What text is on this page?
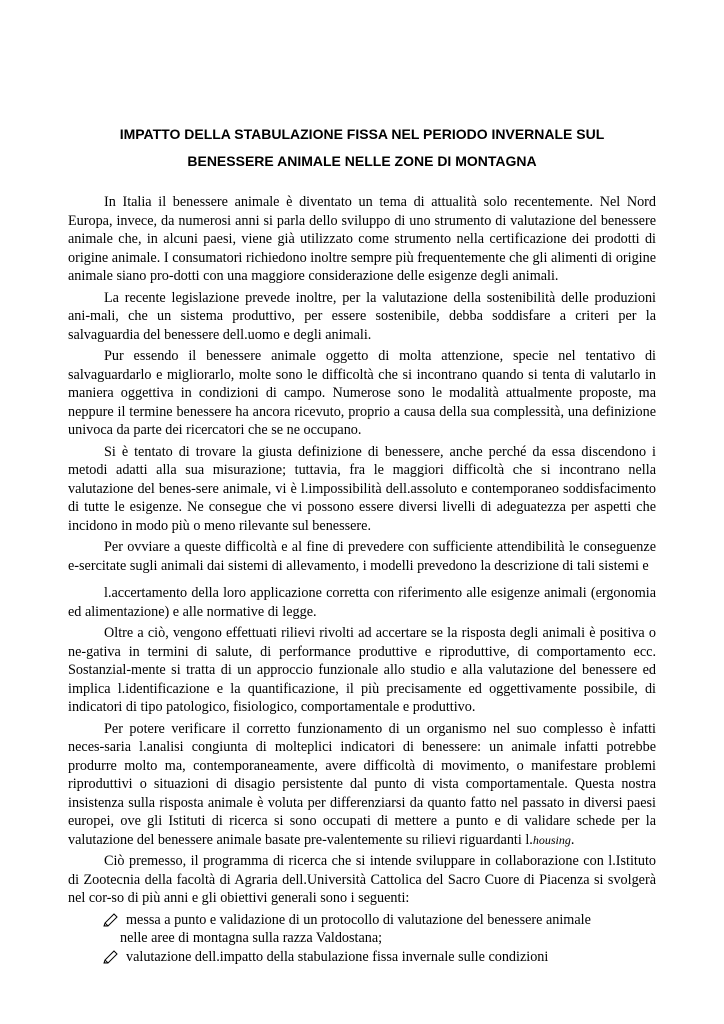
IMPATTO DELLA STABULAZIONE FISSA NEL PERIODO INVERNALE SUL
BENESSERE ANIMALE NELLE ZONE DI MONTAGNA

In Italia il benessere animale è diventato un tema di attualità solo recentemente. Nel Nord Europa, invece, da numerosi anni si parla dello sviluppo di uno strumento di valutazione del benessere animale che, in alcuni paesi, viene già utilizzato come strumento nella certificazione dei prodotti di origine animale. I consumatori richiedono inoltre sempre più frequentemente che gli alimenti di origine animale siano pro-dotti con una maggiore considerazione delle esigenze degli animali.

La recente legislazione prevede inoltre, per la valutazione della sostenibilità delle produzioni ani-mali, che un sistema produttivo, per essere sostenibile, debba soddisfare a criteri per la salvaguardia del benessere dell.uomo e degli animali.

Pur essendo il benessere animale oggetto di molta attenzione, specie nel tentativo di salvaguardarlo e migliorarlo, molte sono le difficoltà che si incontrano quando si tenta di valutarlo in maniera oggettiva in condizioni di campo. Numerose sono le modalità attualmente proposte, ma neppure il termine benessere ha ancora ricevuto, proprio a causa della sua complessità, una definizione univoca da parte dei ricercatori che se ne occupano.

Si è tentato di trovare la giusta definizione di benessere, anche perché da essa discendono i metodi adatti alla sua misurazione; tuttavia, fra le maggiori difficoltà che si incontrano nella valutazione del benes-sere animale, vi è l.impossibilità dell.assoluto e contemporaneo soddisfacimento di tutte le esigenze. Ne consegue che vi possono essere diversi livelli di adeguatezza per aspetti che incidono in modo più o meno rilevante sul benessere.

Per ovviare a queste difficoltà e al fine di prevedere con sufficiente attendibilità le conseguenze e-sercitate sugli animali dai sistemi di allevamento, i modelli prevedono la descrizione di tali sistemi e

l.accertamento della loro applicazione corretta con riferimento alle esigenze animali (ergonomia ed alimentazione) e alle normative di legge.

Oltre a ciò, vengono effettuati rilievi rivolti ad accertare se la risposta degli animali è positiva o ne-gativa in termini di salute, di performance produttive e riproduttive, di comportamento ecc. Sostanzial-mente si tratta di un approccio funzionale allo studio e alla valutazione del benessere ed implica l.identificazione e la quantificazione, il più precisamente ed oggettivamente possibile, di indicatori di tipo patologico, fisiologico, comportamentale e produttivo.

Per potere verificare il corretto funzionamento di un organismo nel suo complesso è infatti neces-saria l.analisi congiunta di molteplici indicatori di benessere: un animale infatti potrebbe produrre molto ma, contemporaneamente, avere difficoltà di movimento, o manifestare problemi riproduttivi o situazioni di disagio persistente dal punto di vista comportamentale. Questa nostra insistenza sulla risposta animale è voluta per differenziarsi da quanto fatto nel passato in diversi paesi europei, ove gli Istituti di ricerca si sono occupati di mettere a punto e di validare schede per la valutazione del benessere animale basate pre-valentemente su rilievi riguardanti l.housing.

Ciò premesso, il programma di ricerca che si intende sviluppare in collaborazione con l.Istituto di Zootecnia della facoltà di Agraria dell.Università Cattolica del Sacro Cuore di Piacenza si svolgerà nel cor-so di più anni e gli obiettivi generali sono i seguenti:

messa a punto e validazione di un protocollo di valutazione del benessere animale
nelle aree di montagna sulla razza Valdostana;
valutazione dell.impatto della stabulazione fissa invernale sulle condizioni
